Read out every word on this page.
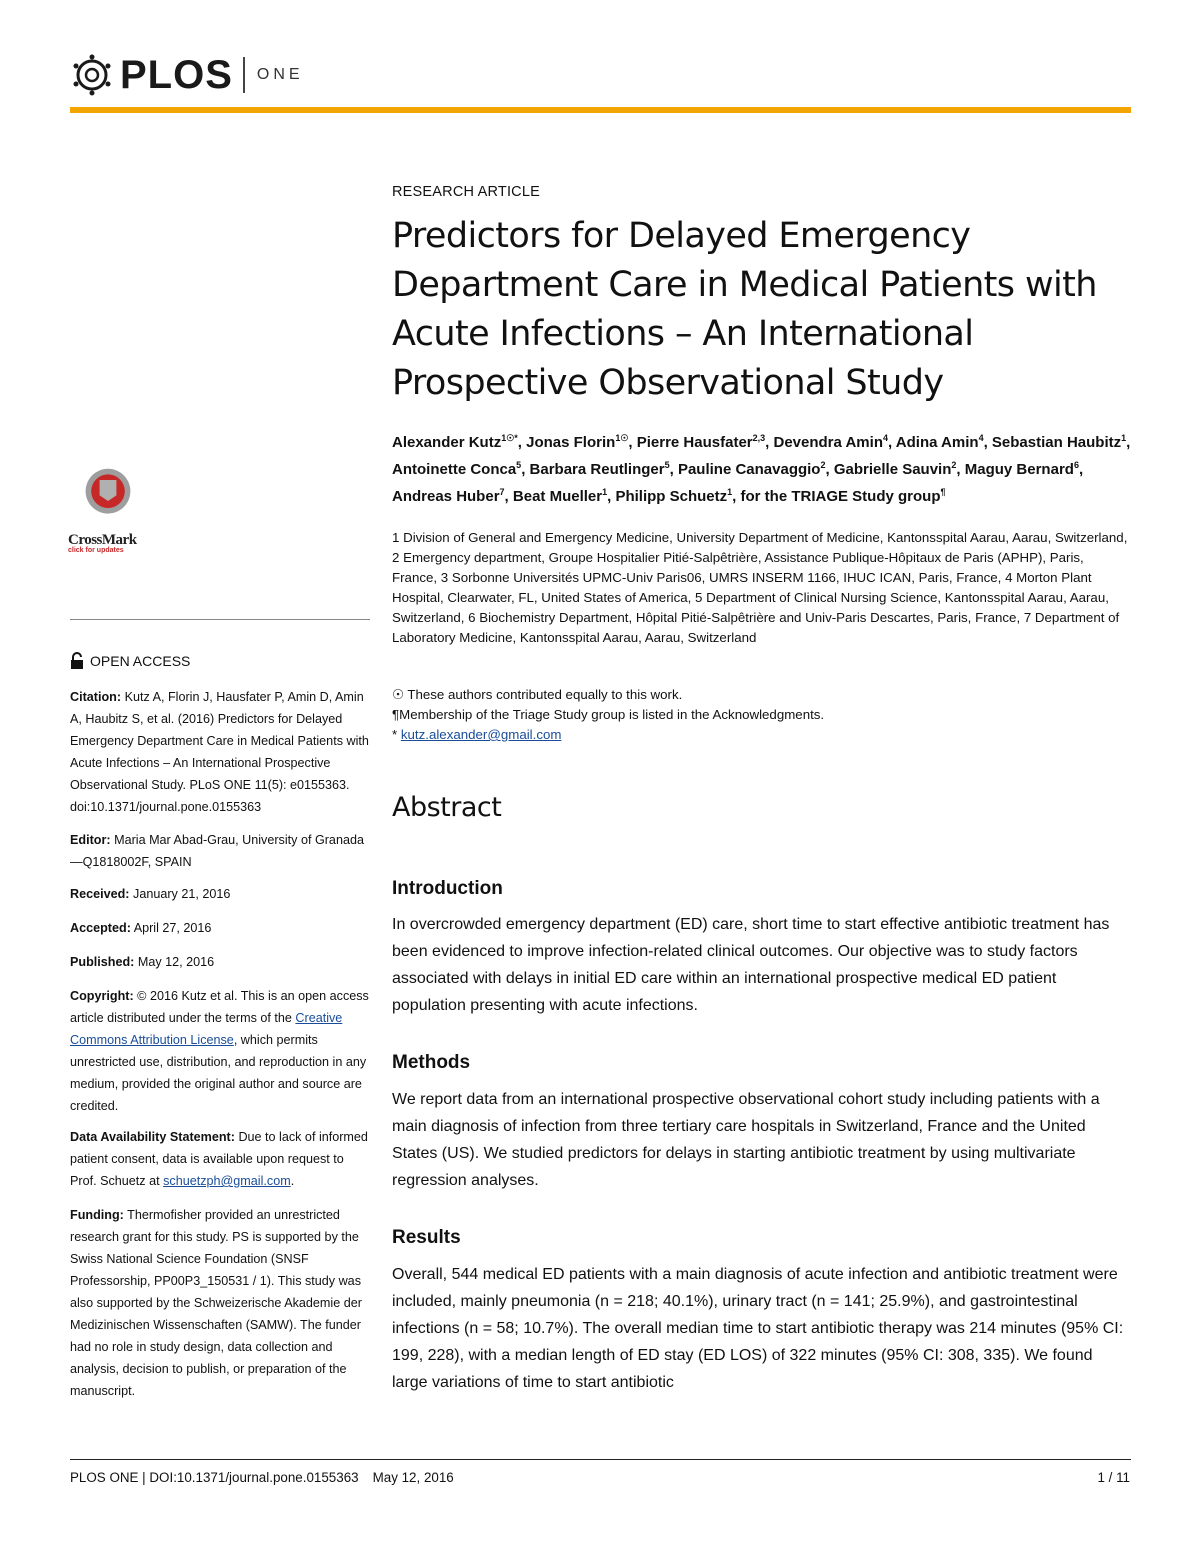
PLOS ONE
CrossMark
click for updates
OPEN ACCESS
Citation: Kutz A, Florin J, Hausfater P, Amin D, Amin A, Haubitz S, et al. (2016) Predictors for Delayed Emergency Department Care in Medical Patients with Acute Infections – An International Prospective Observational Study. PLoS ONE 11(5): e0155363. doi:10.1371/journal.pone.0155363
Editor: Maria Mar Abad-Grau, University of Granada —Q1818002F, SPAIN
Received: January 21, 2016
Accepted: April 27, 2016
Published: May 12, 2016
Copyright: © 2016 Kutz et al. This is an open access article distributed under the terms of the Creative Commons Attribution License, which permits unrestricted use, distribution, and reproduction in any medium, provided the original author and source are credited.
Data Availability Statement: Due to lack of informed patient consent, data is available upon request to Prof. Schuetz at schuetzph@gmail.com.
Funding: Thermofisher provided an unrestricted research grant for this study. PS is supported by the Swiss National Science Foundation (SNSF Professorship, PP00P3_150531 / 1). This study was also supported by the Schweizerische Akademie der Medizinischen Wissenschaften (SAMW). The funder had no role in study design, data collection and analysis, decision to publish, or preparation of the manuscript.
RESEARCH ARTICLE
Predictors for Delayed Emergency
Department Care in Medical Patients with
Acute Infections – An International
Prospective Observational Study
Alexander Kutz$^{1☉*}$, Jonas Florin$^{1☉}$, Pierre Hausfater$^{2,3}$, Devendra Amin$^4$, Adina Amin$^4$, Sebastian Haubitz$^1$, Antoinette Conca$^5$, Barbara Reutlinger$^5$, Pauline Canavaggio$^2$, Gabrielle Sauvin$^2$, Maguy Bernard$^6$, Andreas Huber$^7$, Beat Mueller$^1$, Philipp Schuetz$^1$, for the TRIAGE Study group¶
1 Division of General and Emergency Medicine, University Department of Medicine, Kantonsspital Aarau, Aarau, Switzerland, 2 Emergency department, Groupe Hospitalier Pitié-Salpêtrière, Assistance Publique-Hôpitaux de Paris (APHP), Paris, France, 3 Sorbonne Universités UPMC-Univ Paris06, UMRS INSERM 1166, IHUC ICAN, Paris, France, 4 Morton Plant Hospital, Clearwater, FL, United States of America, 5 Department of Clinical Nursing Science, Kantonsspital Aarau, Aarau, Switzerland, 6 Biochemistry Department, Hôpital Pitié-Salpêtrière and Univ-Paris Descartes, Paris, France, 7 Department of Laboratory Medicine, Kantonsspital Aarau, Aarau, Switzerland
☉ These authors contributed equally to this work.
¶Membership of the Triage Study group is listed in the Acknowledgments.
* kutz.alexander@gmail.com
Abstract
Introduction
In overcrowded emergency department (ED) care, short time to start effective antibiotic treatment has been evidenced to improve infection-related clinical outcomes. Our objective was to study factors associated with delays in initial ED care within an international prospective medical ED patient population presenting with acute infections.
Methods
We report data from an international prospective observational cohort study including patients with a main diagnosis of infection from three tertiary care hospitals in Switzerland, France and the United States (US). We studied predictors for delays in starting antibiotic treatment by using multivariate regression analyses.
Results
Overall, 544 medical ED patients with a main diagnosis of acute infection and antibiotic treatment were included, mainly pneumonia (n = 218; 40.1%), urinary tract (n = 141; 25.9%), and gastrointestinal infections (n = 58; 10.7%). The overall median time to start antibiotic therapy was 214 minutes (95% CI: 199, 228), with a median length of ED stay (ED LOS) of 322 minutes (95% CI: 308, 335). We found large variations of time to start antibiotic
PLOS ONE | DOI:10.1371/journal.pone.0155363 May 12, 2016	1 / 11
